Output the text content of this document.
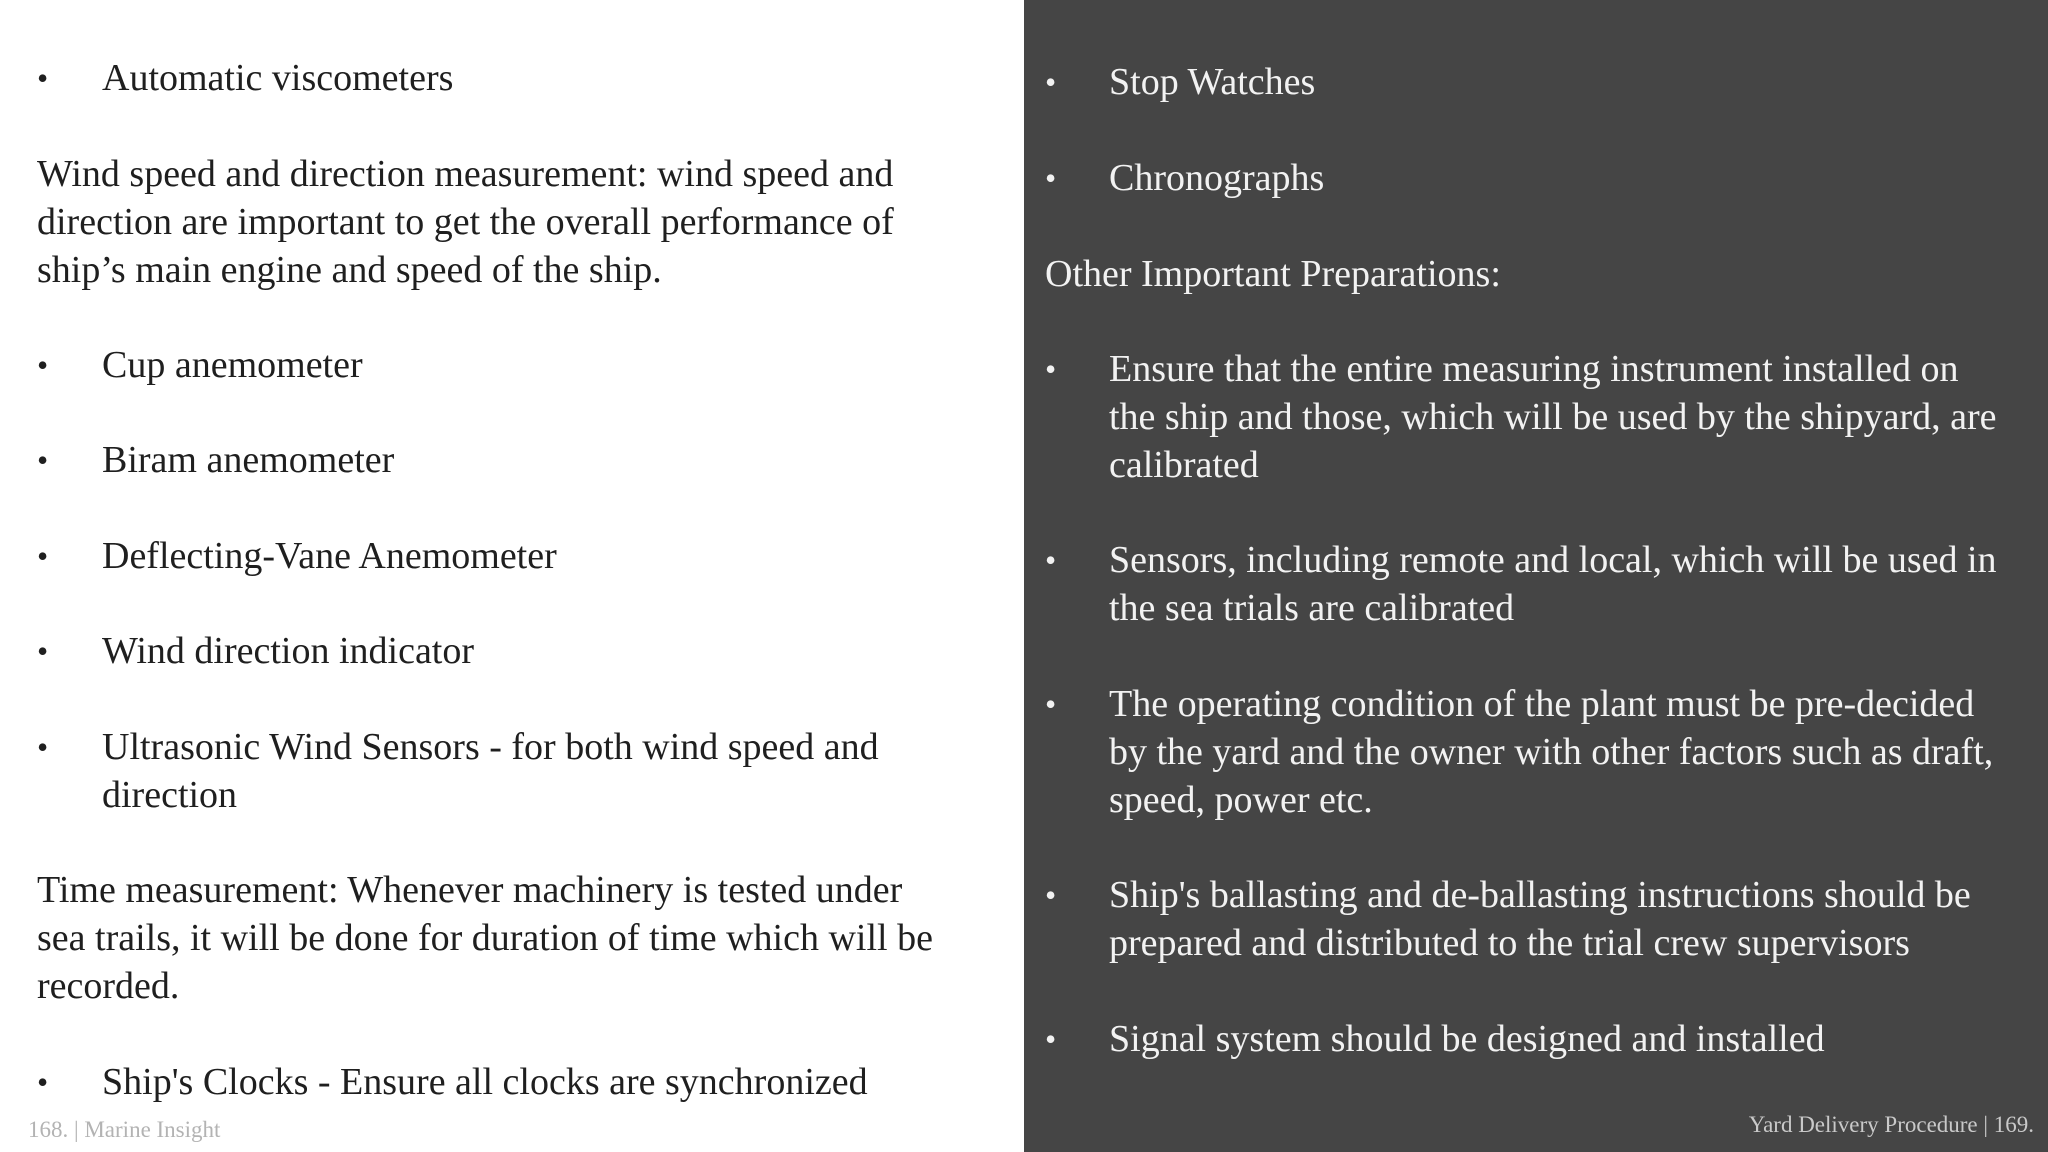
168. | Marine Insight
• Automatic viscometers
Wind speed and direction measurement: wind speed and
direction are important to get the overall performance of
ship’s main engine and speed of the ship.
• Cup anemometer
• Biram anemometer
• Deflecting-Vane Anemometer
• Wind direction indicator
• Ultrasonic Wind Sensors - for both wind speed and
direction
Time measurement: Whenever machinery is tested under
sea trails, it will be done for duration of time which will be
recorded.
• Ship's Clocks - Ensure all clocks are synchronized
Yard Delivery Procedure | 169.
• Stop Watches
• Chronographs
Other Important Preparations:
• Ensure that the entire measuring instrument installed on
the ship and those, which will be used by the shipyard, are
calibrated
• Sensors, including remote and local, which will be used in
the sea trials are calibrated
• The operating condition of the plant must be pre-decided
by the yard and the owner with other factors such as draft,
speed, power etc.
• Ship's ballasting and de-ballasting instructions should be
prepared and distributed to the trial crew supervisors
• Signal system should be designed and installed
